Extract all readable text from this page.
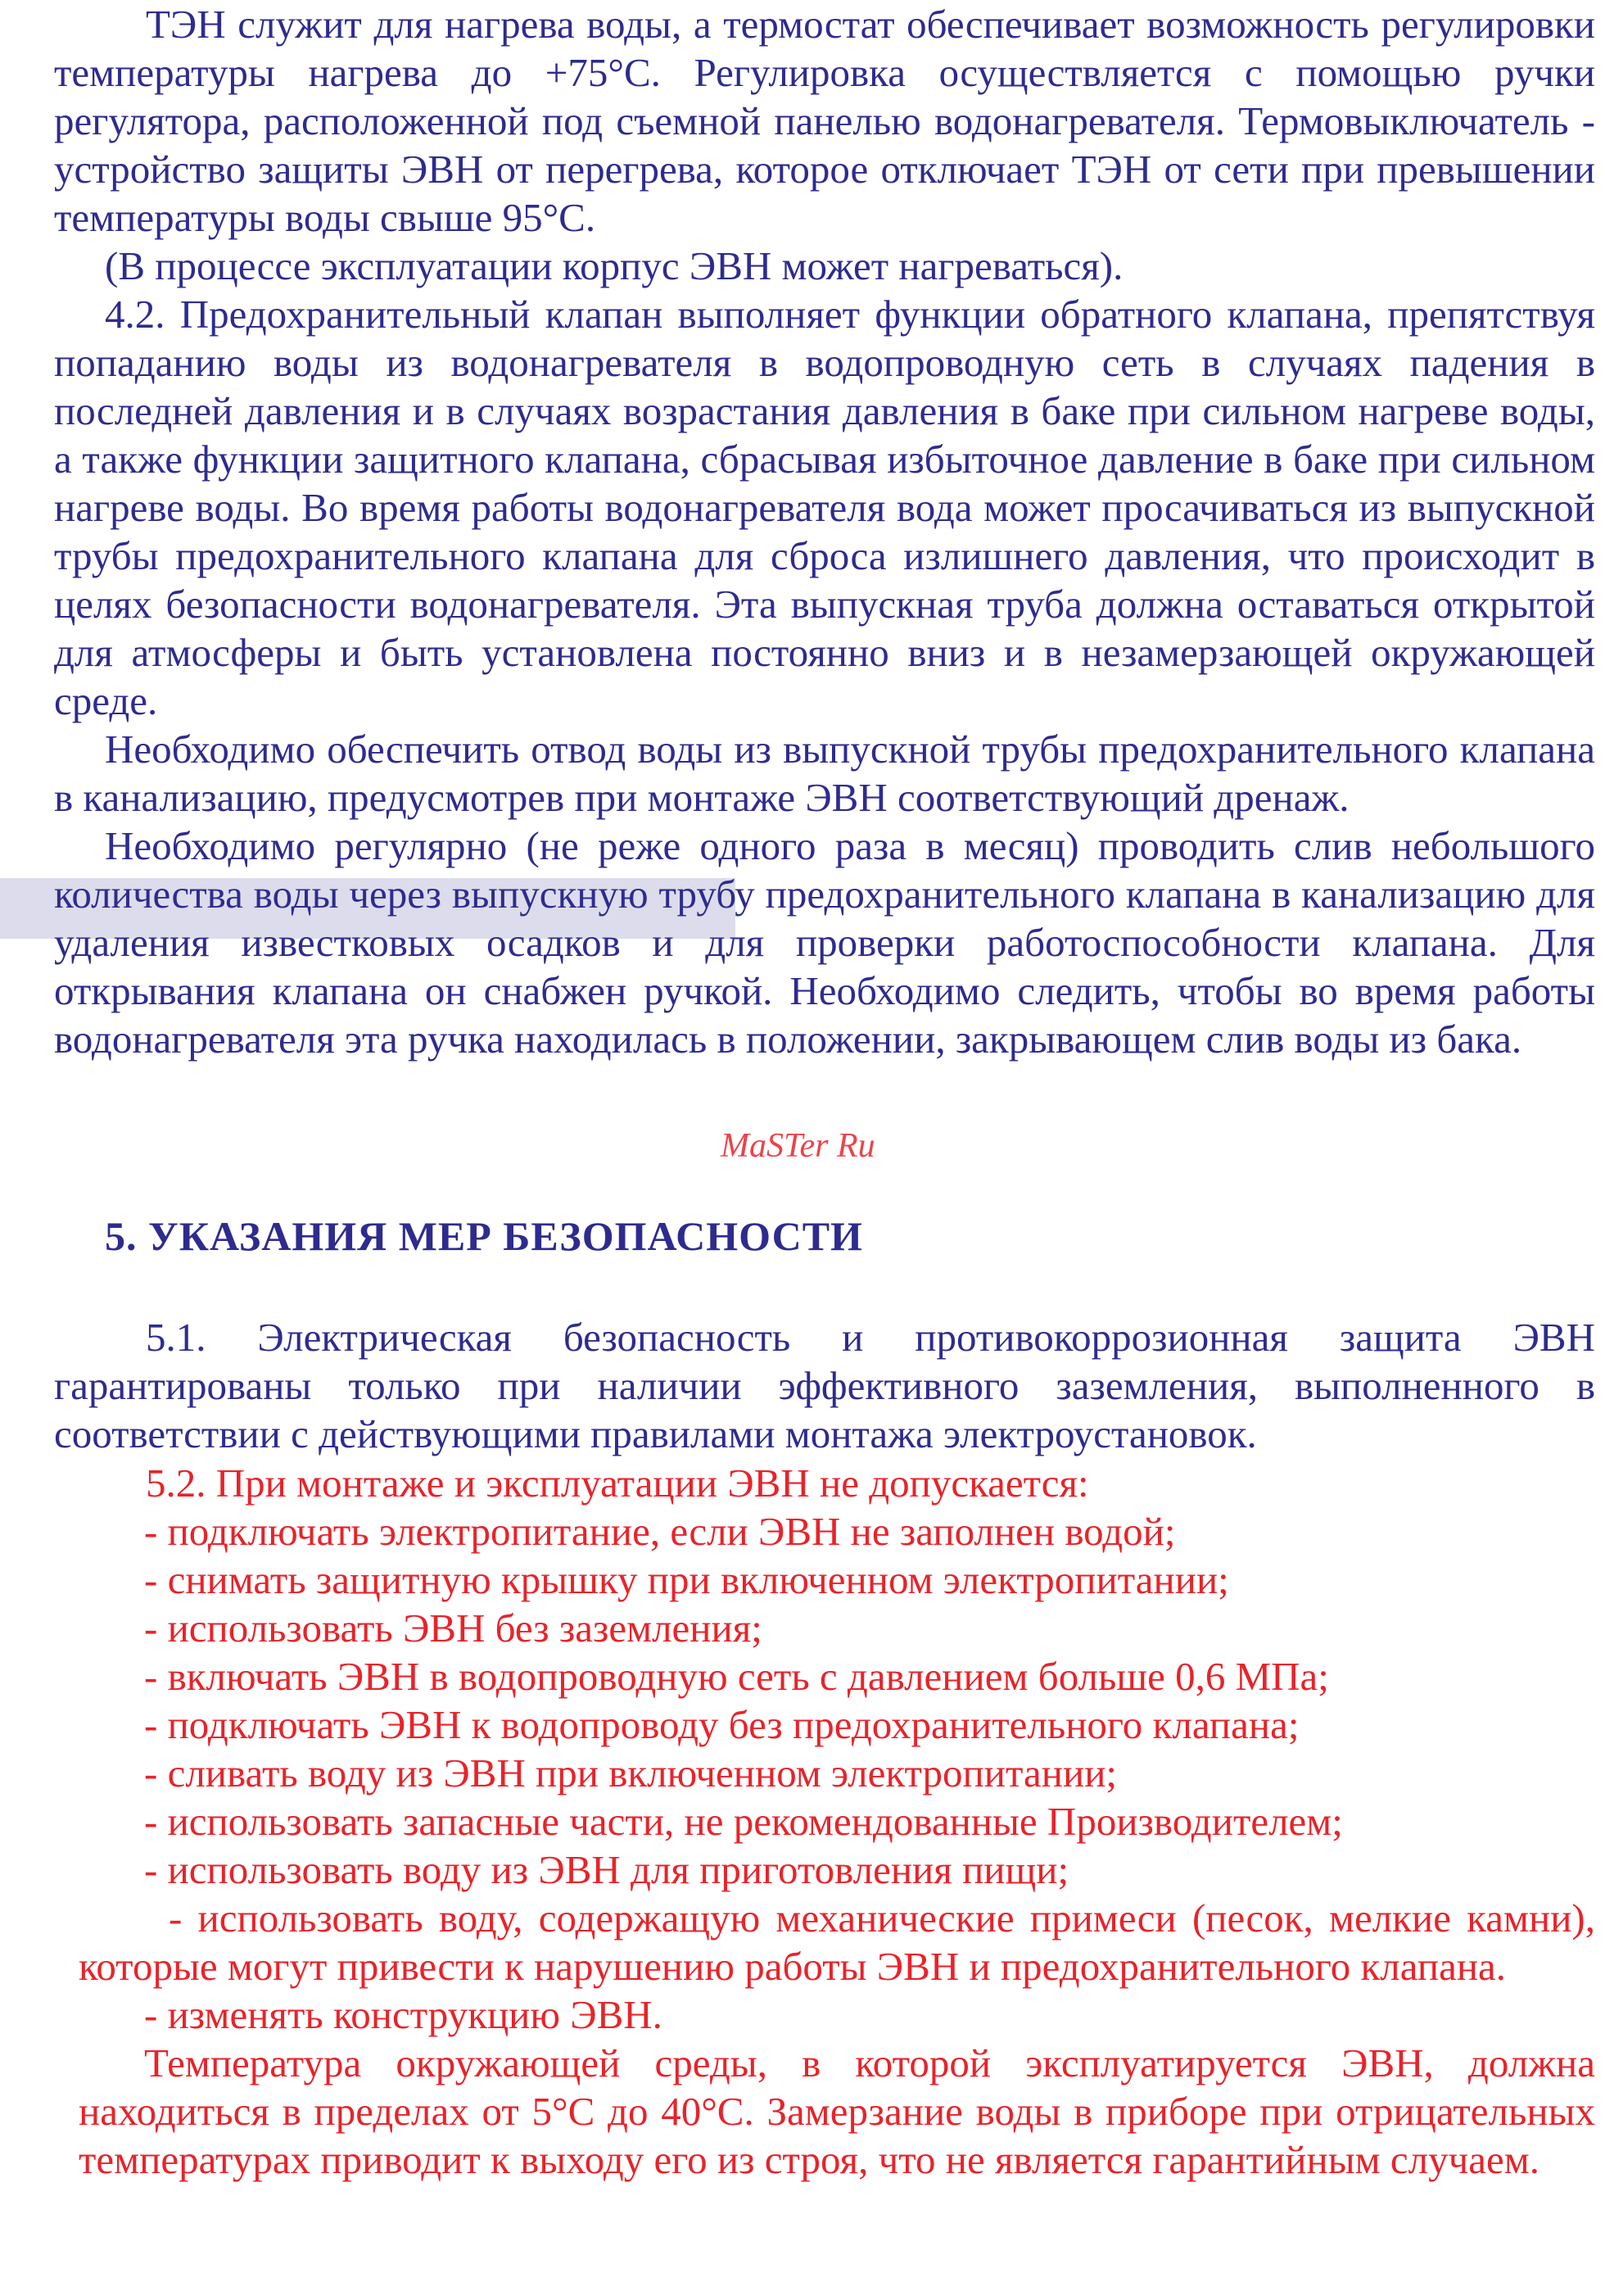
ТЭН служит для нагрева воды, а термостат обеспечивает возможность регулировки температуры нагрева до +75°С. Регулировка осуществляется с помощью ручки регулятора, расположенной под съемной панелью водонагревателя. Термовыключатель - устройство защиты ЭВН от перегрева, которое отключает ТЭН от сети при превышении температуры воды свыше 95°С.

(В процессе эксплуатации корпус ЭВН может нагреваться).

4.2. Предохранительный клапан выполняет функции обратного клапана, препятствуя попаданию воды из водонагревателя в водопроводную сеть в случаях падения в последней давления и в случаях возрастания давления в баке при сильном нагреве воды, а также функции защитного клапана, сбрасывая избыточное давление в баке при сильном нагреве воды. Во время работы водонагревателя вода может просачиваться из выпускной трубы предохранительного клапана для сброса излишнего давления, что происходит в целях безопасности водонагревателя. Эта выпускная труба должна оставаться открытой для атмосферы и быть установлена постоянно вниз и в незамерзающей окружающей среде.

Необходимо обеспечить отвод воды из выпускной трубы предохранительного клапана в канализацию, предусмотрев при монтаже ЭВН соответствующий дренаж.

Необходимо регулярно (не реже одного раза в месяц) проводить слив небольшого количества воды через выпускную трубу предохранительного клапана в канализацию для удаления известковых осадков и для проверки работоспособности клапана. Для открывания клапана он снабжен ручкой. Необходимо следить, чтобы во время работы водонагревателя эта ручка находилась в положении, закрывающем слив воды из бака.

MaSTer Ru
5. УКАЗАНИЯ МЕР БЕЗОПАСНОСТИ

5.1. Электрическая безопасность и противокоррозионная защита ЭВН гарантированы только при наличии эффективного заземления, выполненного в соответствии с действующими правилами монтажа электроустановок.

5.2. При монтаже и эксплуатации ЭВН не допускается:

- подключать электропитание, если ЭВН не заполнен водой;

- снимать защитную крышку при включенном электропитании;

- использовать ЭВН без заземления;

- включать ЭВН в водопроводную сеть с давлением больше 0,6 МПа;

- подключать ЭВН к водопроводу без предохранительного клапана;

- сливать воду из ЭВН при включенном электропитании;

- использовать запасные части, не рекомендованные Производителем;

- использовать воду из ЭВН для приготовления пищи;

- использовать воду, содержащую механические примеси (песок, мелкие камни), которые могут привести к нарушению работы ЭВН и предохранительного клапана.

- изменять конструкцию ЭВН.

Температура окружающей среды, в которой эксплуатируется ЭВН, должна находиться в пределах от 5°С до 40°С. Замерзание воды в приборе при отрицательных температурах приводит к выходу его из строя, что не является гарантийным случаем.
